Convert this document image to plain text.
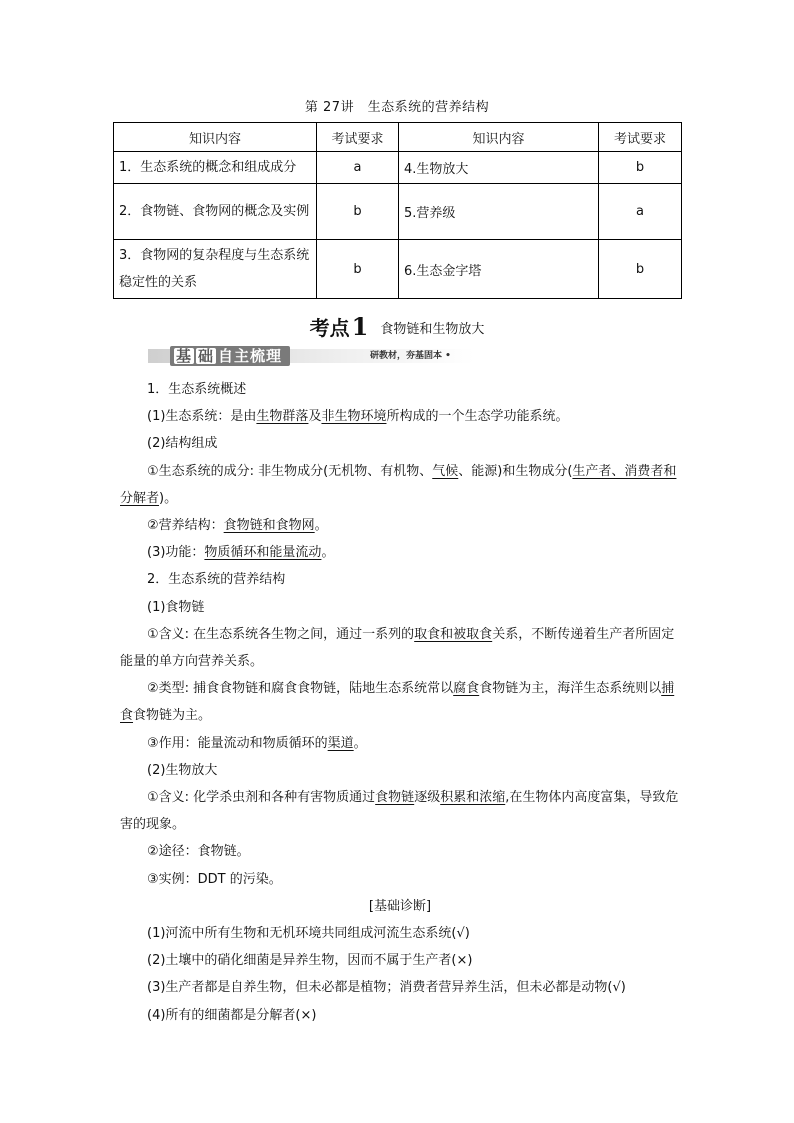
第 27讲　生态系统的营养结构
知识内容	考试要求	知识内容	考试要求
1．生态系统的概念和组成成分	a	4.生物放大	b
2．食物链、食物网的概念及实例	b	5.营养级	a
3．食物网的复杂程度与生态系统稳定性的关系	b	6.生态金字塔	b
考点1 食物链和生物放大
基 础 自主梳理	研教材，夯基固本 •

1．生态系统概述

(1)生态系统：是由生物群落及非生物环境所构成的一个生态学功能系统。

(2)结构组成

①生态系统的成分: 非生物成分(无机物、有机物、气候、能源)和生物成分(生产者、消费者和分解者)。

②营养结构：食物链和食物网。

(3)功能：物质循环和能量流动。

2．生态系统的营养结构

(1)食物链

①含义: 在生态系统各生物之间，通过一系列的取食和被取食关系，不断传递着生产者所固定能量的单方向营养关系。

②类型: 捕食食物链和腐食食物链，陆地生态系统常以腐食食物链为主，海洋生态系统则以捕食食物链为主。

③作用：能量流动和物质循环的渠道。

(2)生物放大

①含义: 化学杀虫剂和各种有害物质通过食物链逐级积累和浓缩,在生物体内高度富集，导致危害的现象。

②途径：食物链。

③实例：DDT 的污染。

[基础诊断]

(1)河流中所有生物和无机环境共同组成河流生态系统(√)

(2)土壤中的硝化细菌是异养生物，因而不属于生产者(×)

(3)生产者都是自养生物，但未必都是植物；消费者营异养生活，但未必都是动物(√)

(4)所有的细菌都是分解者(×)
